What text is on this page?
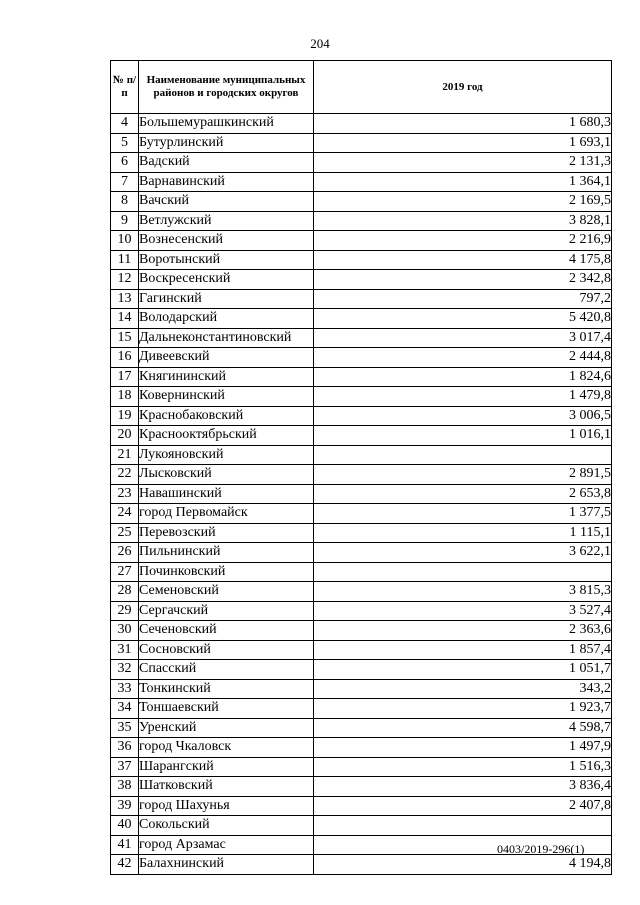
204
№ п/п	Наименование муниципальных районов и городских округов	2019 год
4	Большемурашкинский	1 680,3
5	Бутурлинский	1 693,1
6	Вадский	2 131,3
7	Варнавинский	1 364,1
8	Вачский	2 169,5
9	Ветлужский	3 828,1
10	Вознесенский	2 216,9
11	Воротынский	4 175,8
12	Воскресенский	2 342,8
13	Гагинский	797,2
14	Володарский	5 420,8
15	Дальнеконстантиновский	3 017,4
16	Дивеевский	2 444,8
17	Княгининский	1 824,6
18	Ковернинский	1 479,8
19	Краснобаковский	3 006,5
20	Краснооктябрьский	1 016,1
21	Лукояновский	
22	Лысковский	2 891,5
23	Навашинский	2 653,8
24	город Первомайск	1 377,5
25	Перевозский	1 115,1
26	Пильнинский	3 622,1
27	Починковский	
28	Семеновский	3 815,3
29	Сергачский	3 527,4
30	Сеченовский	2 363,6
31	Сосновский	1 857,4
32	Спасский	1 051,7
33	Тонкинский	343,2
34	Тоншаевский	1 923,7
35	Уренский	4 598,7
36	город Чкаловск	1 497,9
37	Шарангский	1 516,3
38	Шатковский	3 836,4
39	город Шахунья	2 407,8
40	Сокольский	
41	город Арзамас	
42	Балахнинский	4 194,8
0403/2019-296(1)
